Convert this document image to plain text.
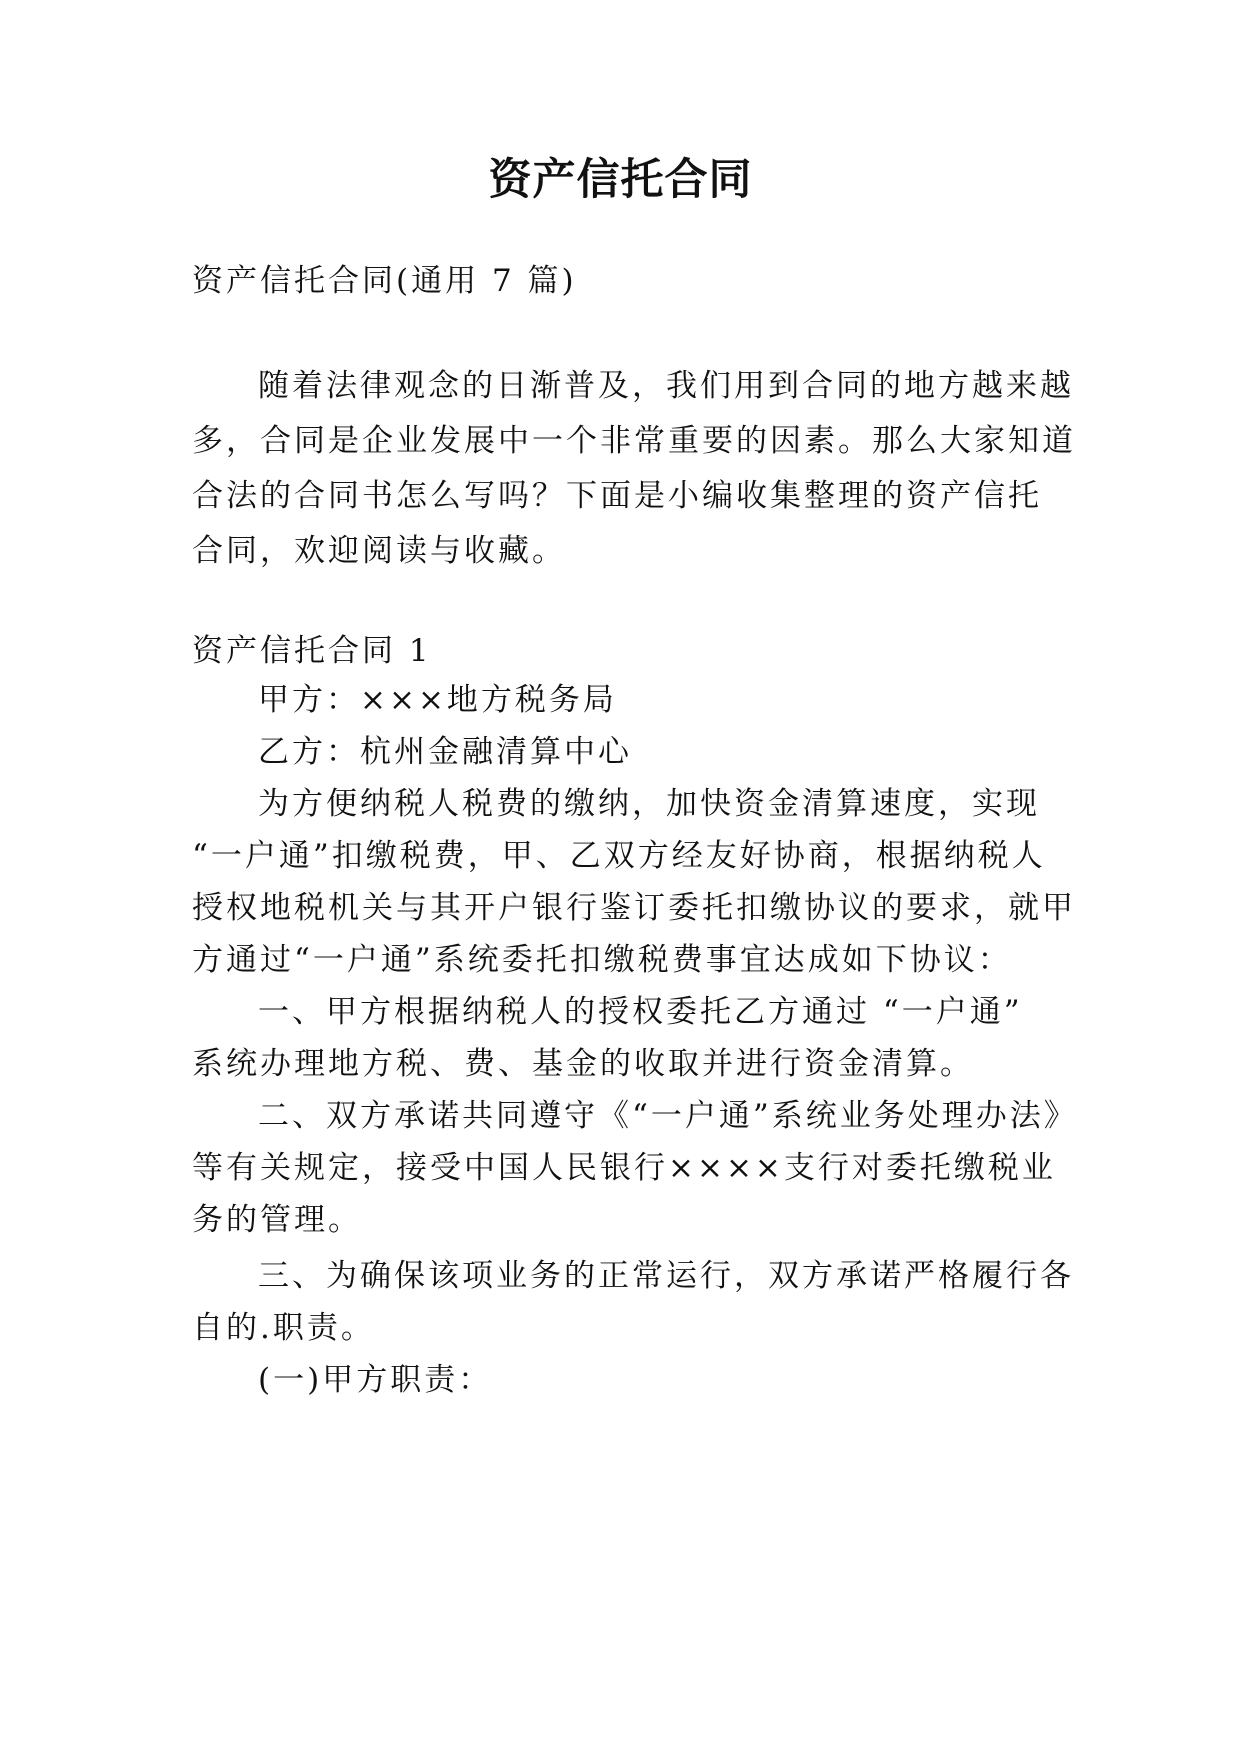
资产信托合同
资产信托合同(通用 7 篇)
随着法律观念的日渐普及，我们用到合同的地方越来越
多，合同是企业发展中一个非常重要的因素。那么大家知道
合法的合同书怎么写吗？下面是小编收集整理的资产信托
合同，欢迎阅读与收藏。
资产信托合同 1
甲方：×××地方税务局
乙方：杭州金融清算中心
为方便纳税人税费的缴纳，加快资金清算速度，实现
“一户通”扣缴税费，甲、乙双方经友好协商，根据纳税人
授权地税机关与其开户银行鉴订委托扣缴协议的要求，就甲
方通过“一户通”系统委托扣缴税费事宜达成如下协议：
一、甲方根据纳税人的授权委托乙方通过 “一户通”
系统办理地方税、费、基金的收取并进行资金清算。
二、双方承诺共同遵守《“一户通”系统业务处理办法》
等有关规定，接受中国人民银行××××支行对委托缴税业
务的管理。
三、为确保该项业务的正常运行，双方承诺严格履行各
自的.职责。
(一)甲方职责：
